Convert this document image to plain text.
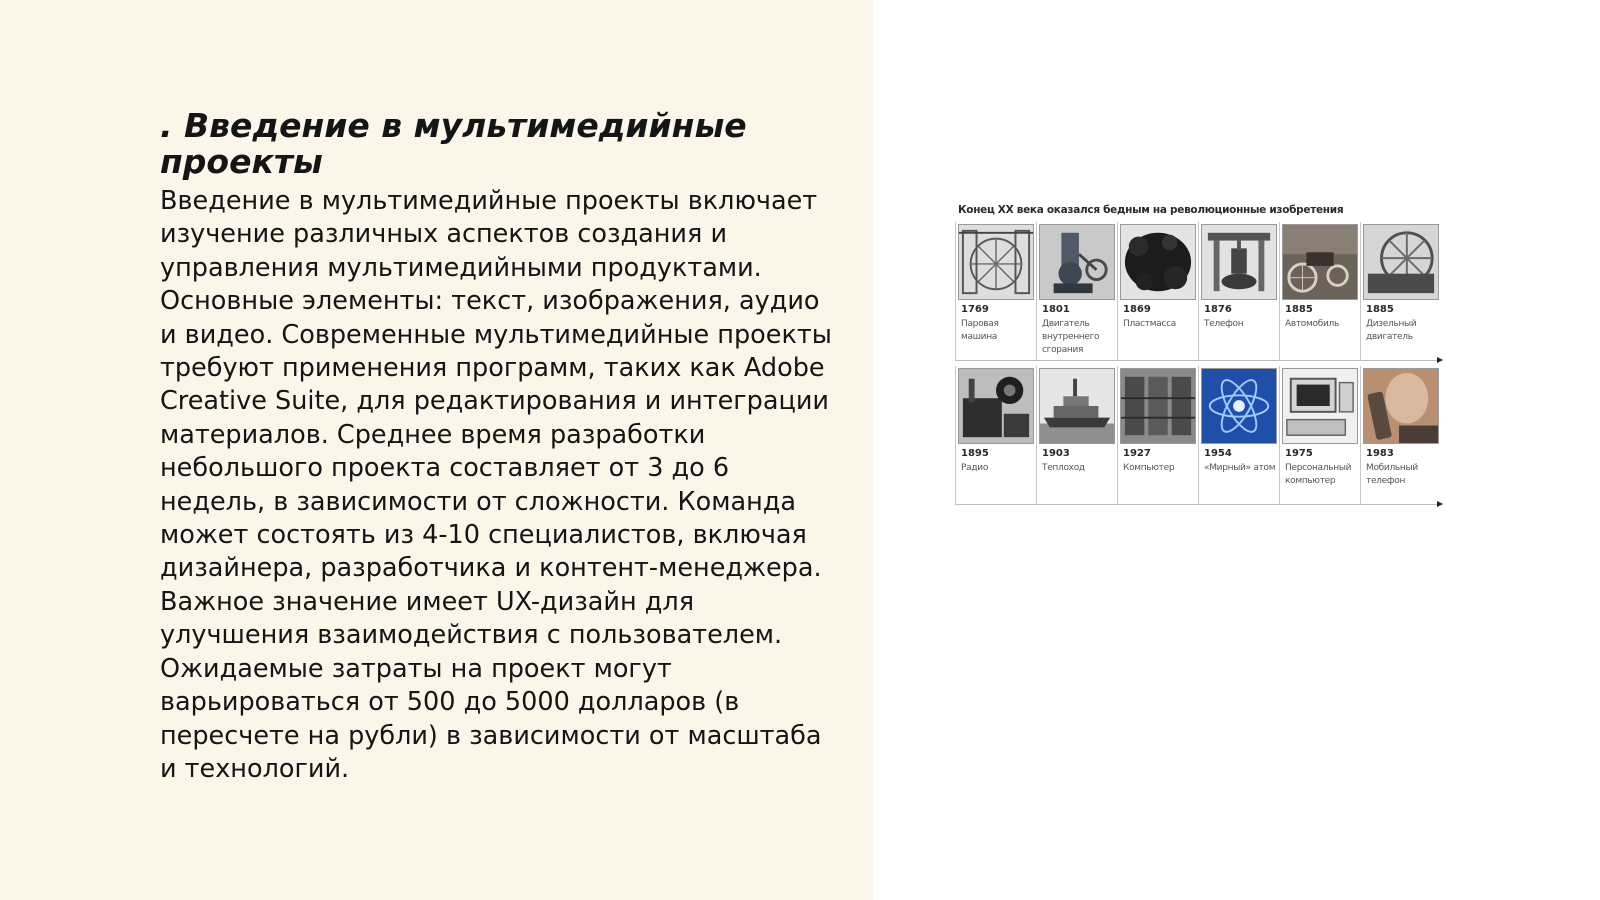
. Введение в мультимедийные проекты

Введение в мультимедийные проекты включает изучение различных аспектов создания и управления мультимедийными продуктами. Основные элементы: текст, изображения, аудио и видео. Современные мультимедийные проекты требуют применения программ, таких как Adobe Creative Suite, для редактирования и интеграции материалов. Среднее время разработки небольшого проекта составляет от 3 до 6 недель, в зависимости от сложности. Команда может состоять из 4-10 специалистов, включая дизайнера, разработчика и контент-менеджера. Важное значение имеет UX-дизайн для улучшения взаимодействия с пользователем. Ожидаемые затраты на проект могут варьироваться от 500 до 5000 долларов (в пересчете на рубли) в зависимости от масштаба и технологий.

Конец XX века оказался бедным на революционные изобретения
1769
Паровая машина
1801
Двигатель внутреннего сгорания
1869
Пластмасса
1876
Телефон
1885
Автомобиль
1885
Дизельный двигатель
1895
Радио
1903
Теплоход
1927
Компьютер
1954
«Мирный» атом
1975
Персональный компьютер
1983
Мобильный телефон
